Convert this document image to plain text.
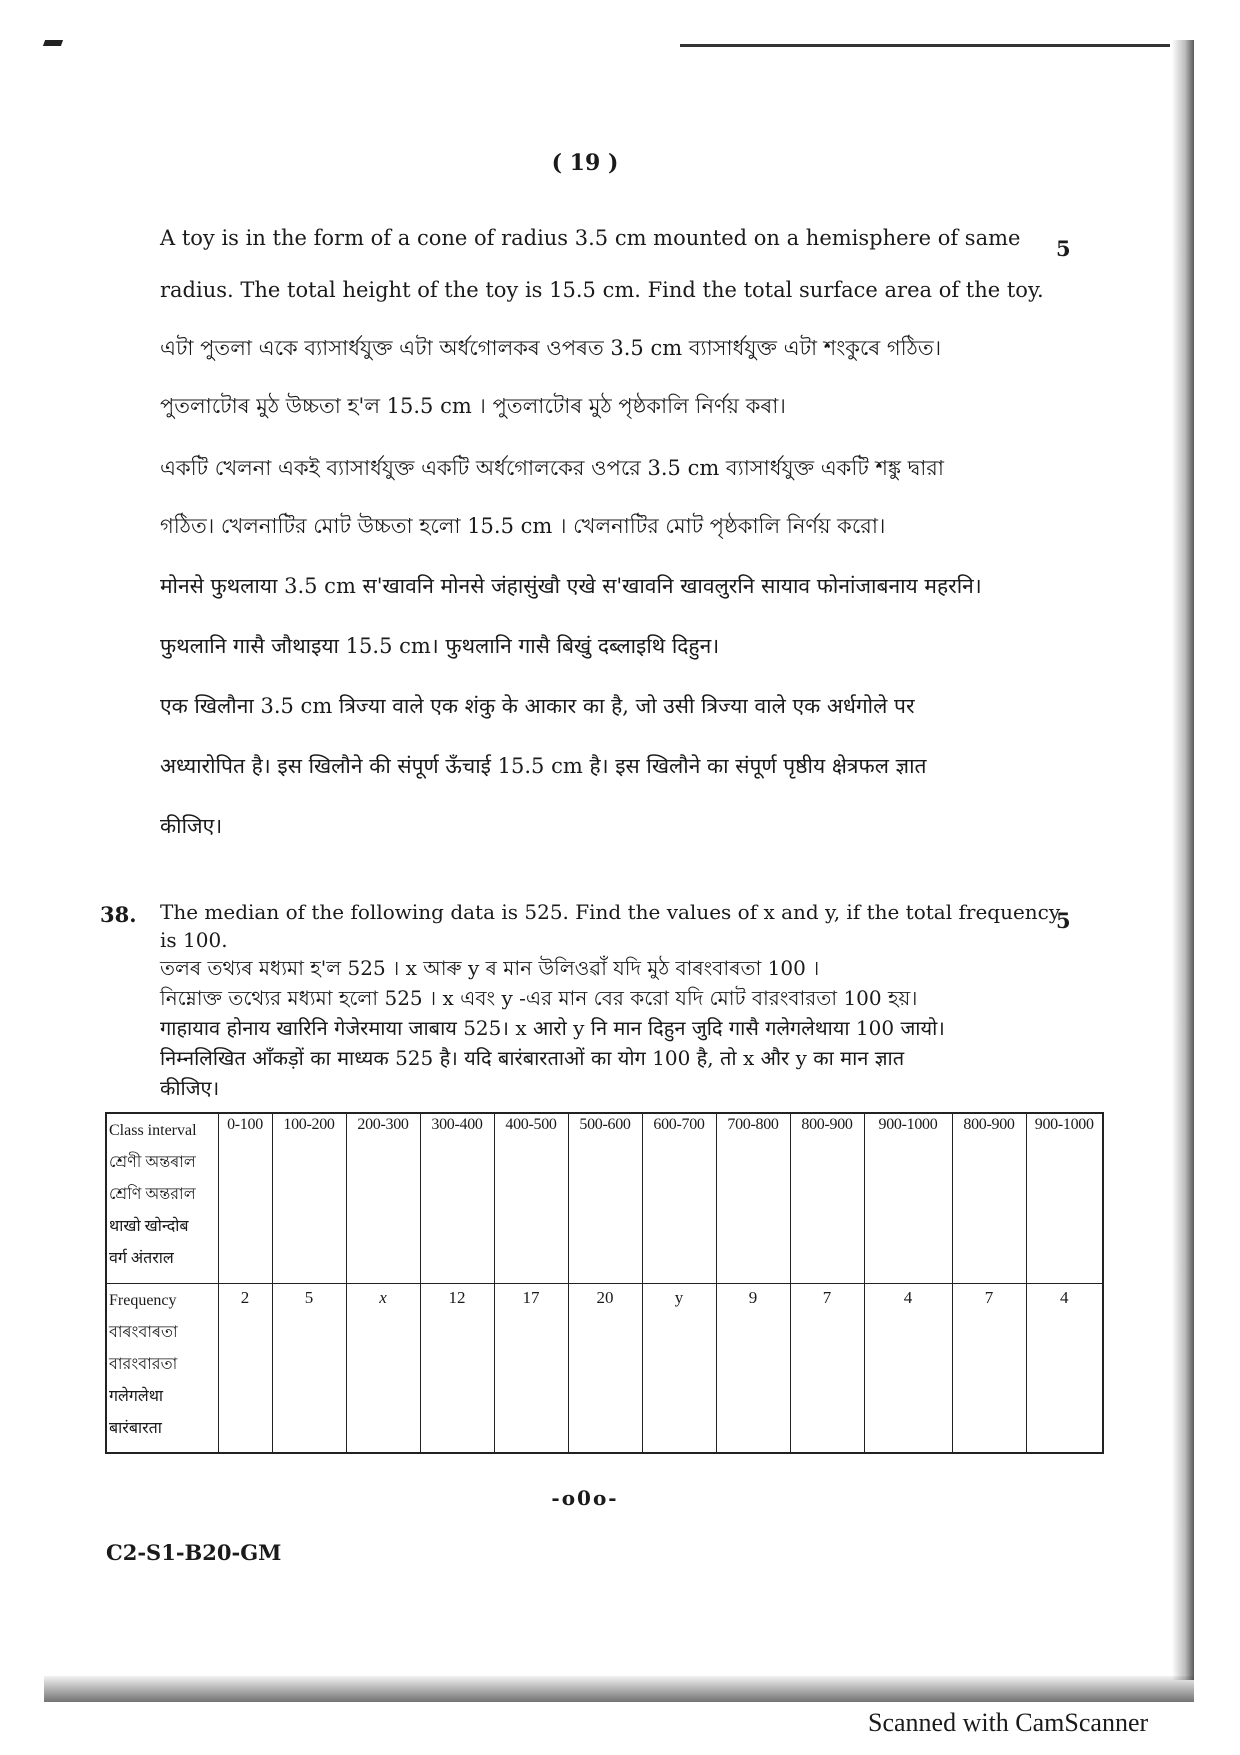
( 19 )
5
A toy is in the form of a cone of radius 3.5 cm mounted on a hemisphere of same
radius. The total height of the toy is 15.5 cm. Find the total surface area of the toy.
এটা পুতলা একে ব্যাসাৰ্ধযুক্ত এটা অৰ্ধগোলকৰ ওপৰত 3.5 cm ব্যাসাৰ্ধযুক্ত এটা শংকুৰে গঠিত।
পুতলাটোৰ মুঠ উচ্চতা হ'ল 15.5 cm । পুতলাটোৰ মুঠ পৃষ্ঠকালি নিৰ্ণয় কৰা।
একটি খেলনা একই ব্যাসার্ধযুক্ত একটি অর্ধগোলকের ওপরে 3.5 cm ব্যাসার্ধযুক্ত একটি শঙ্কু দ্বারা
গঠিত। খেলনাটির মোট উচ্চতা হলো 15.5 cm । খেলনাটির মোট পৃষ্ঠকালি নির্ণয় করো।
मोनसे फुथलाया 3.5 cm स'खावनि मोनसे जंहासुंखौ एखे स'खावनि खावलुरनि सायाव फोनांजाबनाय महरनि।
फुथलानि गासै जौथाइया 15.5 cm। फुथलानि गासै बिखुं दब्लाइथि दिहुन।
एक खिलौना 3.5 cm त्रिज्या वाले एक शंकु के आकार का है, जो उसी त्रिज्या वाले एक अर्धगोले पर
अध्यारोपित है। इस खिलौने की संपूर्ण ऊँचाई 15.5 cm है। इस खिलौने का संपूर्ण पृष्ठीय क्षेत्रफल ज्ञात
कीजिए।
38.	5
The median of the following data is 525. Find the values of x and y, if the total frequency
is 100.
তলৰ তথ্যৰ মধ্যমা হ'ল 525 । x আৰু y ৰ মান উলিওৱাঁ যদি মুঠ বাৰংবাৰতা 100 ।
নিম্নোক্ত তথ্যের মধ্যমা হলো 525 । x এবং y -এর মান বের করো যদি মোট বারংবারতা 100 হয়।
गाहायाव होनाय खारिनि गेजेरमाया जाबाय 525। x आरो y नि मान दिहुन जुदि गासै गलेगलेथाया 100 जायो।
निम्नलिखित आँकड़ों का माध्यक 525 है। यदि बारंबारताओं का योग 100 है, तो x और y का मान ज्ञात
कीजिए।
Class interval
শ্ৰেণী অন্তৰাল
শ্রেণি অন্তরাল
थाखो खोन्दोब
वर्ग अंतराल	0-100	100-200	200-300	300-400	400-500	500-600	600-700	700-800	800-900	900-1000	800-900	900-1000

Frequency
বাৰংবাৰতা
বারংবারতা
गलेगलेथा
बारंबारता	2	5	x	12	17	20	y	9	7	4	7	4
-o0o-
C2-S1-B20-GM
Scanned with CamScanner
